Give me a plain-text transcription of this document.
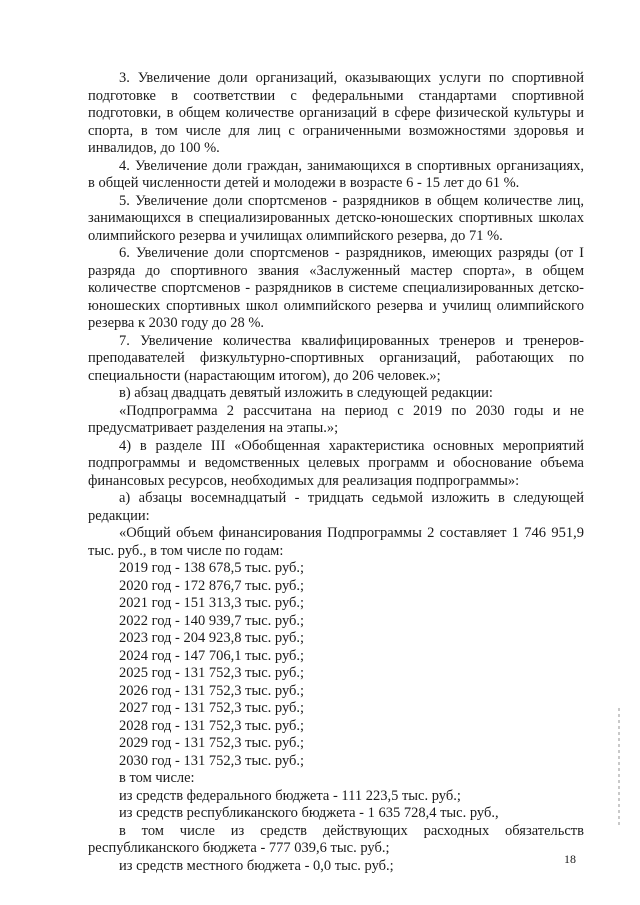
3. Увеличение доли организаций, оказывающих услуги по спортивной подготовке в соответствии с федеральными стандартами спортивной подготовки, в общем количестве организаций в сфере физической культуры и спорта, в том числе для лиц с ограниченными возможностями здоровья и инвалидов, до 100 %.

4. Увеличение доли граждан, занимающихся в спортивных организациях, в общей численности детей и молодежи в возрасте 6 - 15 лет до 61 %.

5. Увеличение доли спортсменов - разрядников в общем количестве лиц, занимающихся в специализированных детско-юношеских спортивных школах олимпийского резерва и училищах олимпийского резерва, до 71 %.

6. Увеличение доли спортсменов - разрядников, имеющих разряды (от I разряда до спортивного звания «Заслуженный мастер спорта», в общем количестве спортсменов - разрядников в системе специализированных детско-юношеских спортивных школ олимпийского резерва и училищ олимпийского резерва к 2030 году до 28 %.

7. Увеличение количества квалифицированных тренеров и тренеров-преподавателей физкультурно-спортивных организаций, работающих по специальности (нарастающим итогом), до 206 человек.»;

в) абзац двадцать девятый изложить в следующей редакции:

«Подпрограмма 2 рассчитана на период с 2019 по 2030 годы и не предусматривает разделения на этапы.»;

4) в разделе III «Обобщенная характеристика основных мероприятий подпрограммы и ведомственных целевых программ и обоснование объема финансовых ресурсов, необходимых для реализация подпрограммы»:

а) абзацы восемнадцатый - тридцать седьмой изложить в следующей редакции:

«Общий объем финансирования Подпрограммы 2 составляет 1 746 951,9 тыс. руб., в том числе по годам:

2019 год - 138 678,5 тыс. руб.;
2020 год - 172 876,7 тыс. руб.;
2021 год - 151 313,3 тыс. руб.;
2022 год - 140 939,7 тыс. руб.;
2023 год - 204 923,8 тыс. руб.;
2024 год - 147 706,1 тыс. руб.;
2025 год - 131 752,3 тыс. руб.;
2026 год - 131 752,3 тыс. руб.;
2027 год - 131 752,3 тыс. руб.;
2028 год - 131 752,3 тыс. руб.;
2029 год - 131 752,3 тыс. руб.;
2030 год - 131 752,3 тыс. руб.;
в том числе:
из средств федерального бюджета - 111 223,5 тыс. руб.;
из средств республиканского бюджета - 1 635 728,4 тыс. руб.,

в том числе из средств действующих расходных обязательств республиканского бюджета - 777 039,6 тыс. руб.;

из средств местного бюджета - 0,0 тыс. руб.;	18
